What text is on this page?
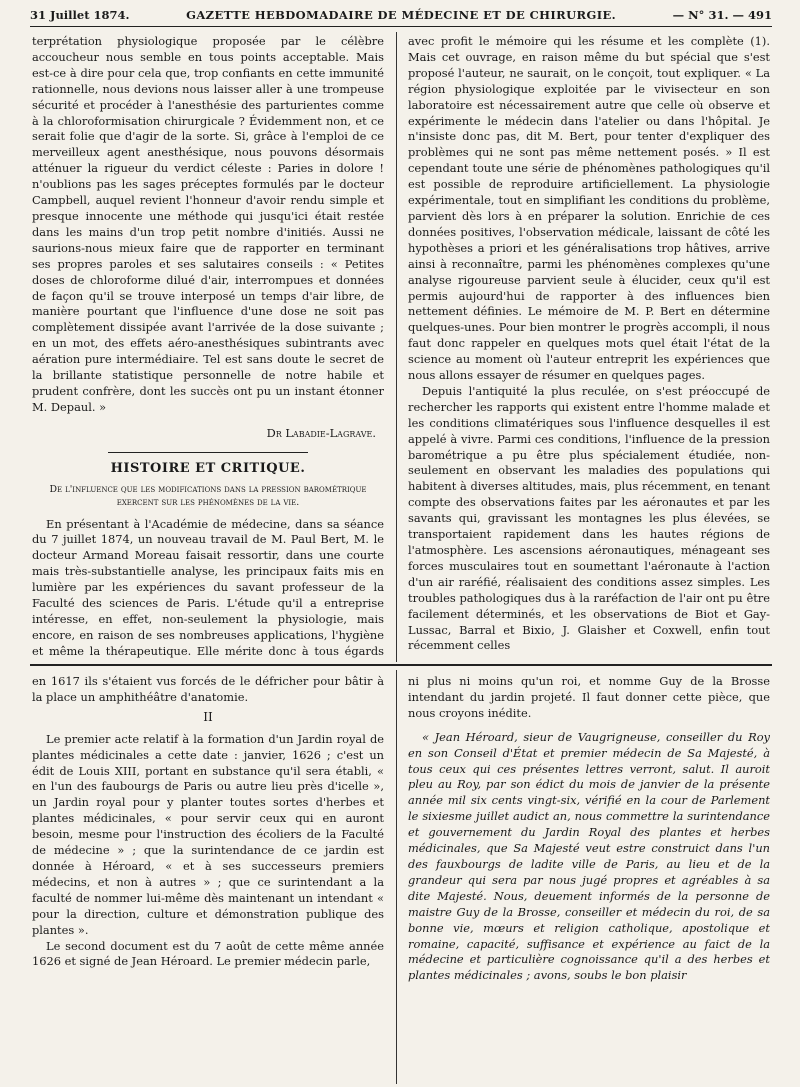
31 Juillet 1874.	GAZETTE HEBDOMADAIRE DE MÉDECINE ET DE CHIRURGIE.	— N° 31. — 491

terprétation physiologique proposée par le célèbre accoucheur nous semble en tous points acceptable. Mais est-ce à dire pour cela que, trop confiants en cette immunité rationnelle, nous devions nous laisser aller à une trompeuse sécurité et procéder à l'anesthésie des parturientes comme à la chloroformisation chirurgicale ? Évidemment non, et ce serait folie que d'agir de la sorte. Si, grâce à l'emploi de ce merveilleux agent anesthésique, nous pouvons désormais atténuer la rigueur du verdict céleste : Paries in dolore ! n'oublions pas les sages préceptes formulés par le docteur Campbell, auquel revient l'honneur d'avoir rendu simple et presque innocente une méthode qui jusqu'ici était restée dans les mains d'un trop petit nombre d'initiés. Aussi ne saurions-nous mieux faire que de rapporter en terminant ses propres paroles et ses salutaires conseils : « Petites doses de chloroforme dilué d'air, interrompues et données de façon qu'il se trouve interposé un temps d'air libre, de manière pourtant que l'influence d'une dose ne soit pas complètement dissipée avant l'arrivée de la dose suivante ; en un mot, des effets aéro-anesthésiques subintrants avec aération pure intermédiaire. Tel est sans doute le secret de la brillante statistique personnelle de notre habile et prudent confrère, dont les succès ont pu un instant étonner M. Depaul. »

Dr Labadie-Lagrave.
HISTOIRE ET CRITIQUE.
De l'influence que les modifications dans la pression barométrique exercent sur les phénomènes de la vie.

En présentant à l'Académie de médecine, dans sa séance du 7 juillet 1874, un nouveau travail de M. Paul Bert, M. le docteur Armand Moreau faisait ressortir, dans une courte mais très-substantielle analyse, les principaux faits mis en lumière par les expériences du savant professeur de la Faculté des sciences de Paris. L'étude qu'il a entreprise intéresse, en effet, non-seulement la physiologie, mais encore, en raison de ses nombreuses applications, l'hygiène et même la thérapeutique. Elle mérite donc à tous égards

avec profit le mémoire qui les résume et les complète (1). Mais cet ouvrage, en raison même du but spécial que s'est proposé l'auteur, ne saurait, on le conçoit, tout expliquer. « La région physiologique exploitée par le vivisecteur en son laboratoire est nécessairement autre que celle où observe et expérimente le médecin dans l'atelier ou dans l'hôpital. Je n'insiste donc pas, dit M. Bert, pour tenter d'expliquer des problèmes qui ne sont pas même nettement posés. » Il est cependant toute une série de phénomènes pathologiques qu'il est possible de reproduire artificiellement. La physiologie expérimentale, tout en simplifiant les conditions du problème, parvient dès lors à en préparer la solution. Enrichie de ces données positives, l'observation médicale, laissant de côté les hypothèses a priori et les généralisations trop hâtives, arrive ainsi à reconnaître, parmi les phénomènes complexes qu'une analyse rigoureuse parvient seule à élucider, ceux qu'il est permis aujourd'hui de rapporter à des influences bien nettement définies. Le mémoire de M. P. Bert en détermine quelques-unes. Pour bien montrer le progrès accompli, il nous faut donc rappeler en quelques mots quel était l'état de la science au moment où l'auteur entreprit les expériences que nous allons essayer de résumer en quelques pages.

Depuis l'antiquité la plus reculée, on s'est préoccupé de rechercher les rapports qui existent entre l'homme malade et les conditions climatériques sous l'influence desquelles il est appelé à vivre. Parmi ces conditions, l'influence de la pression barométrique a pu être plus spécialement étudiée, non-seulement en observant les maladies des populations qui habitent à diverses altitudes, mais, plus récemment, en tenant compte des observations faites par les aéronautes et par les savants qui, gravissant les montagnes les plus élevées, se transportaient rapidement dans les hautes régions de l'atmosphère. Les ascensions aéronautiques, ménageant ses forces musculaires tout en soumettant l'aéronaute à l'action d'un air raréfié, réalisaient des conditions assez simples. Les troubles pathologiques dus à la raréfaction de l'air ont pu être facilement déterminés, et les observations de Biot et Gay-Lussac, Barral et Bixio, J. Glaisher et Coxwell, enfin tout récemment celles

en 1617 ils s'étaient vus forcés de le défricher pour bâtir à la place un amphithéâtre d'anatomie.

II

Le premier acte relatif à la formation d'un Jardin royal de plantes médicinales a cette date : janvier, 1626 ; c'est un édit de Louis XIII, portant en substance qu'il sera établi, « en l'un des faubourgs de Paris ou autre lieu près d'icelle », un Jardin royal pour y planter toutes sortes d'herbes et plantes médicinales, « pour servir ceux qui en auront besoin, mesme pour l'instruction des écoliers de la Faculté de médecine » ; que la surintendance de ce jardin est donnée à Héroard, « et à ses successeurs premiers médecins, et non à autres » ; que ce surintendant a la faculté de nommer lui-même dès maintenant un intendant « pour la direction, culture et démonstration publique des plantes ».

Le second document est du 7 août de cette même année 1626 et signé de Jean Héroard. Le premier médecin parle,

ni plus ni moins qu'un roi, et nomme Guy de la Brosse intendant du jardin projeté. Il faut donner cette pièce, que nous croyons inédite.

« Jean Héroard, sieur de Vaugrigneuse, conseiller du Roy en son Conseil d'État et premier médecin de Sa Majesté, à tous ceux qui ces présentes lettres verront, salut. Il auroit pleu au Roy, par son édict du mois de janvier de la présente année mil six cents vingt-six, vérifié en la cour de Parlement le sixiesme juillet audict an, nous commettre la surintendance et gouvernement du Jardin Royal des plantes et herbes médicinales, que Sa Majesté veut estre construict dans l'un des fauxbourgs de ladite ville de Paris, au lieu et de la grandeur qui sera par nous jugé propres et agréables à sa dite Majesté. Nous, deuement informés de la personne de maistre Guy de la Brosse, conseiller et médecin du roi, de sa bonne vie, mœurs et religion catholique, apostolique et romaine, capacité, suffisance et expérience au faict de la médecine et particulière cognoissance qu'il a des herbes et plantes médicinales ; avons, soubs le bon plaisir
